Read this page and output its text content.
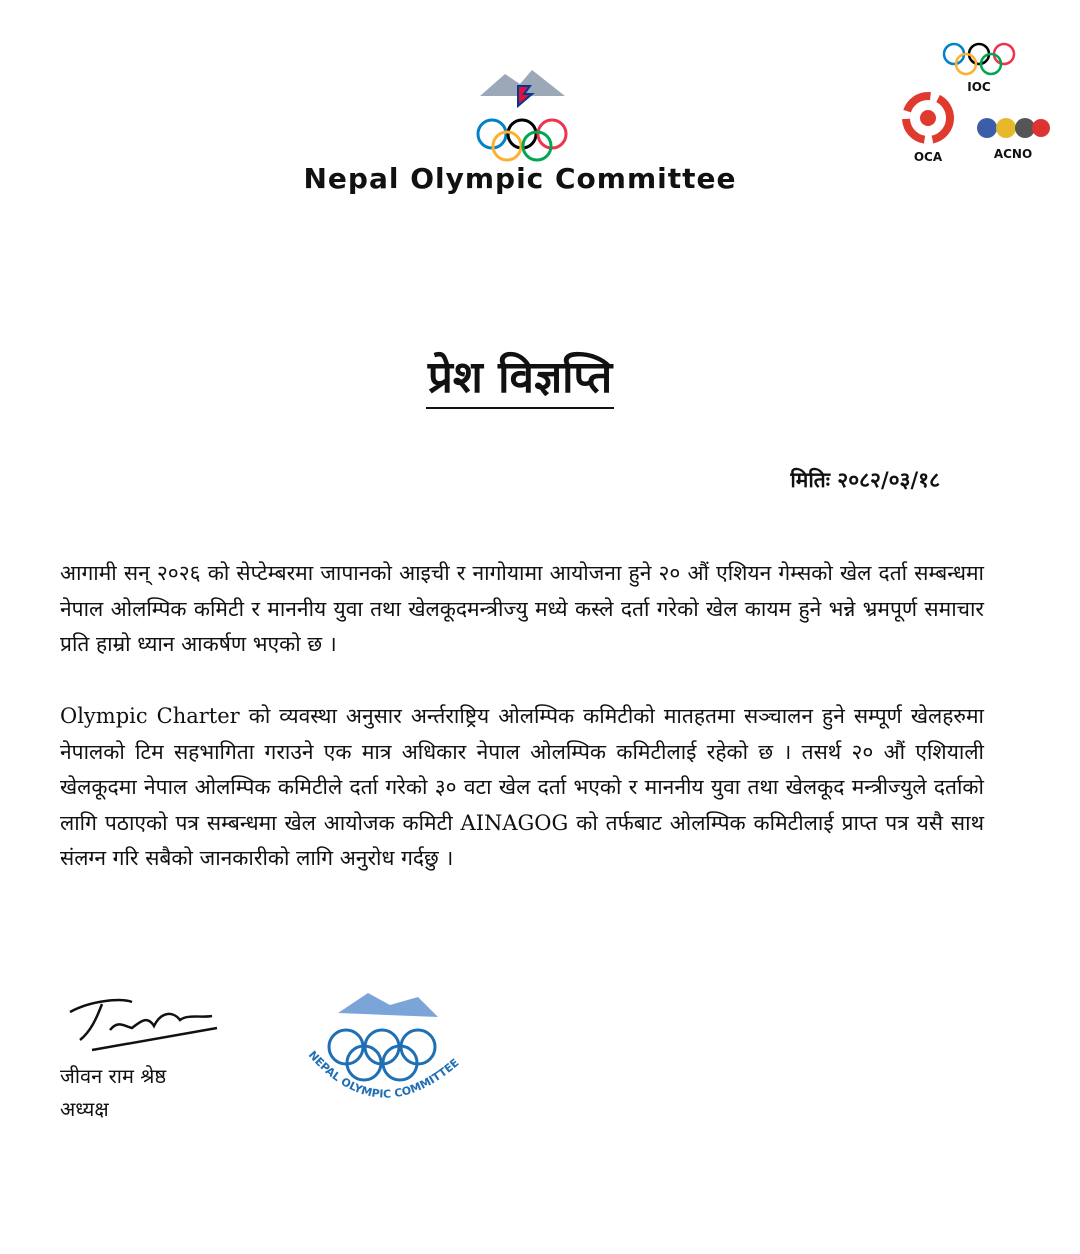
Nepal Olympic Committee
IOC
OCA	ACNO
प्रेश विज्ञप्ति
मितिः २०८२/०३/१८
आगामी सन् २०२६ को सेप्टेम्बरमा जापानको आइची र नागोयामा आयोजना हुने २० औं एशियन गेम्सको खेल दर्ता सम्बन्धमा नेपाल ओलम्पिक कमिटी र माननीय युवा तथा खेलकूदमन्त्रीज्यु मध्ये कस्ले दर्ता गरेको खेल कायम हुने भन्ने भ्रमपूर्ण समाचार प्रति हाम्रो ध्यान आकर्षण भएको छ ।
Olympic Charter को व्यवस्था अनुसार अर्न्तराष्ट्रिय ओलम्पिक कमिटीको मातहतमा सञ्चालन हुने सम्पूर्ण खेलहरुमा नेपालको टिम सहभागिता गराउने एक मात्र अधिकार नेपाल ओलम्पिक कमिटीलाई रहेको छ । तसर्थ २० औं एशियाली खेलकूदमा नेपाल ओलम्पिक कमिटीले दर्ता गरेको ३० वटा खेल दर्ता भएको र माननीय युवा तथा खेलकूद मन्त्रीज्युले दर्ताको लागि पठाएको पत्र सम्बन्धमा खेल आयोजक कमिटी AINAGOG को तर्फबाट ओलम्पिक कमिटीलाई प्राप्त पत्र यसै साथ संलग्न गरि सबैको जानकारीको लागि अनुरोध गर्दछु ।
जीवन राम श्रेष्ठ
अध्यक्ष
NEPAL OLYMPIC COMMITTEE
